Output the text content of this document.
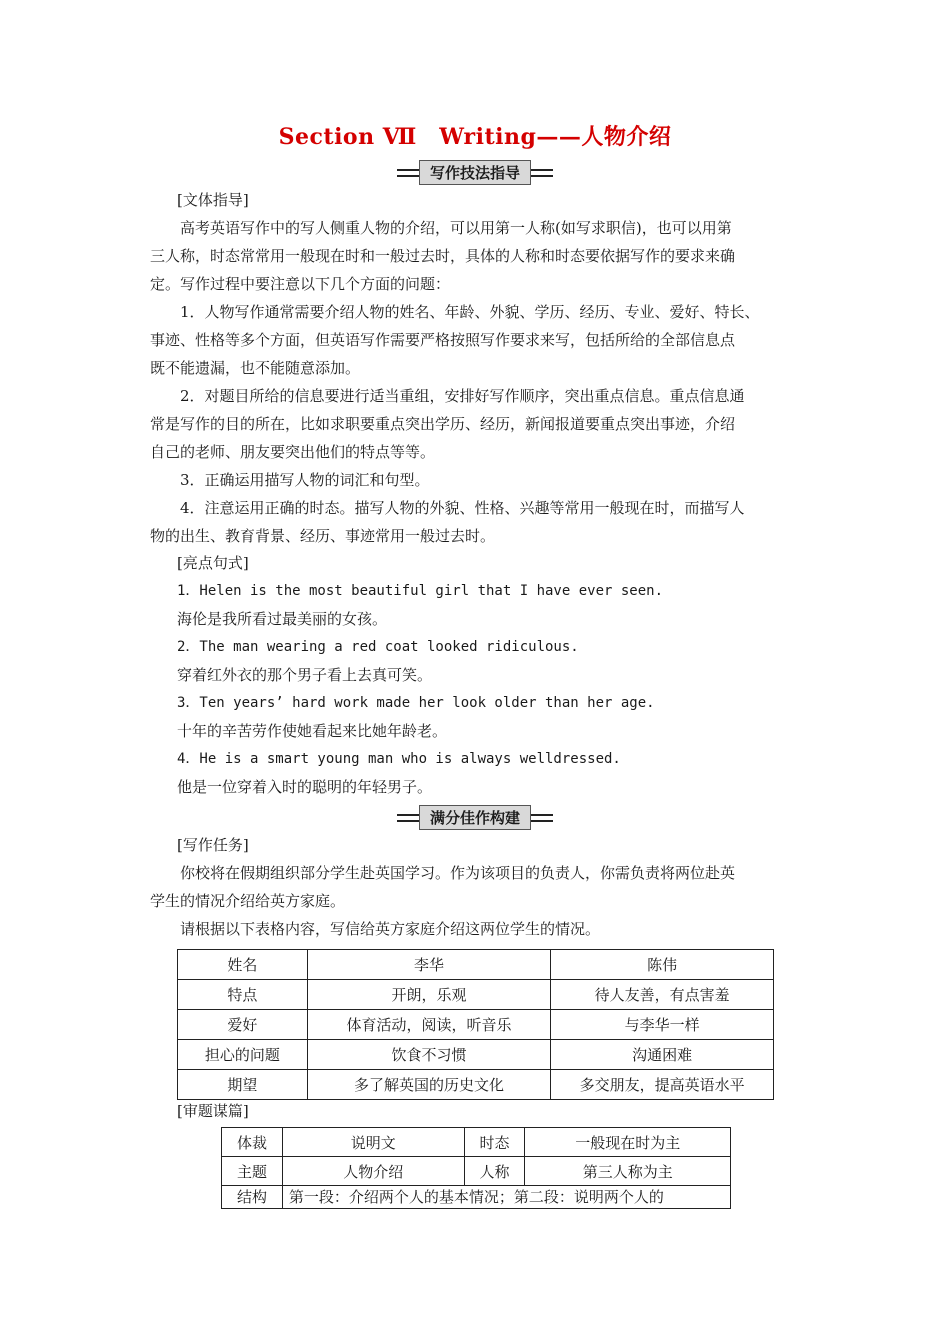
Section Ⅶ　Writing——人物介绍
写作技法指导
[文体指导]
　　高考英语写作中的写人侧重人物的介绍，可以用第一人称(如写求职信)，也可以用第
三人称，时态常常用一般现在时和一般过去时，具体的人称和时态要依据写作的要求来确
定。写作过程中要注意以下几个方面的问题：
　　1．人物写作通常需要介绍人物的姓名、年龄、外貌、学历、经历、专业、爱好、特长、
事迹、性格等多个方面，但英语写作需要严格按照写作要求来写，包括所给的全部信息点
既不能遗漏，也不能随意添加。
　　2．对题目所给的信息要进行适当重组，安排好写作顺序，突出重点信息。重点信息通
常是写作的目的所在，比如求职要重点突出学历、经历，新闻报道要重点突出事迹，介绍
自己的老师、朋友要突出他们的特点等等。
　　3．正确运用描写人物的词汇和句型。
　　4．注意运用正确的时态。描写人物的外貌、性格、兴趣等常用一般现在时，而描写人
物的出生、教育背景、经历、事迹常用一般过去时。
[亮点句式]
1．Helen is the most beautiful girl that I have ever seen.
海伦是我所看过最美丽的女孩。
2．The man wearing a red coat looked ridiculous.
穿着红外衣的那个男子看上去真可笑。
3．Ten years’ hard work made her look older than her age.
十年的辛苦劳作使她看起来比她年龄老。
4．He is a smart young man who is always welldressed.
他是一位穿着入时的聪明的年轻男子。
满分佳作构建
[写作任务]
　　你校将在假期组织部分学生赴英国学习。作为该项目的负责人，你需负责将两位赴英
学生的情况介绍给英方家庭。
　　请根据以下表格内容，写信给英方家庭介绍这两位学生的情况。
姓名	李华	陈伟
特点	开朗，乐观	待人友善，有点害羞
爱好	体育活动，阅读，听音乐	与李华一样
担心的问题	饮食不习惯	沟通困难
期望	多了解英国的历史文化	多交朋友，提高英语水平
[审题谋篇]
体裁	说明文	时态	一般现在时为主
主题	人物介绍	人称	第三人称为主
结构	第一段：介绍两个人的基本情况；第二段：说明两个人的		
